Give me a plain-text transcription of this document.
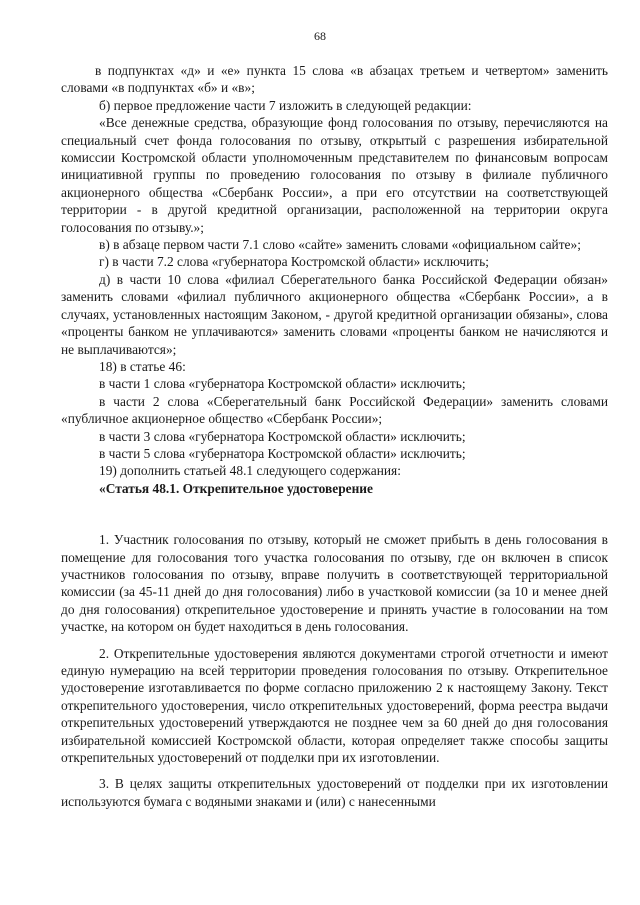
68

в подпунктах «д» и «е» пункта 15 слова «в абзацах третьем и четвертом» заменить словами «в подпунктах «б» и «в»;

б) первое предложение части 7 изложить в следующей редакции:

«Все денежные средства, образующие фонд голосования по отзыву, перечисляются на специальный счет фонда голосования по отзыву, открытый с разрешения избирательной комиссии Костромской области уполномоченным представителем по финансовым вопросам инициативной группы по проведению голосования по отзыву в филиале публичного акционерного общества «Сбербанк России», а при его отсутствии на соответствующей территории - в другой кредитной организации, расположенной на территории округа голосования по отзыву.»;

в) в абзаце первом части 7.1 слово «сайте» заменить словами «официальном сайте»;

г) в части 7.2 слова «губернатора Костромской области» исключить;

д) в части 10 слова «филиал Сберегательного банка Российской Федерации обязан» заменить словами «филиал публичного акционерного общества «Сбербанк России», а в случаях, установленных настоящим Законом, - другой кредитной организации обязаны», слова «проценты банком не уплачиваются» заменить словами «проценты банком не начисляются и не выплачиваются»;

18) в статье 46:

в части 1 слова «губернатора Костромской области» исключить;

в части 2 слова «Сберегательный банк Российской Федерации» заменить словами «публичное акционерное общество «Сбербанк России»;

в части 3 слова «губернатора Костромской области» исключить;

в части 5 слова «губернатора Костромской области» исключить;

19) дополнить статьей 48.1 следующего содержания:

«Статья 48.1. Открепительное удостоверение

1. Участник голосования по отзыву, который не сможет прибыть в день голосования в помещение для голосования того участка голосования по отзыву, где он включен в список участников голосования по отзыву, вправе получить в соответствующей территориальной комиссии (за 45-11 дней до дня голосования) либо в участковой комиссии (за 10 и менее дней до дня голосования) открепительное удостоверение и принять участие в голосовании на том участке, на котором он будет находиться в день голосования.

2. Открепительные удостоверения являются документами строгой отчетности и имеют единую нумерацию на всей территории проведения голосования по отзыву. Открепительное удостоверение изготавливается по форме согласно приложению 2 к настоящему Закону. Текст открепительного удостоверения, число открепительных удостоверений, форма реестра выдачи открепительных удостоверений утверждаются не позднее чем за 60 дней до дня голосования избирательной комиссией Костромской области, которая определяет также способы защиты открепительных удостоверений от подделки при их изготовлении.

3. В целях защиты открепительных удостоверений от подделки при их изготовлении используются бумага с водяными знаками и (или) с нанесенными
